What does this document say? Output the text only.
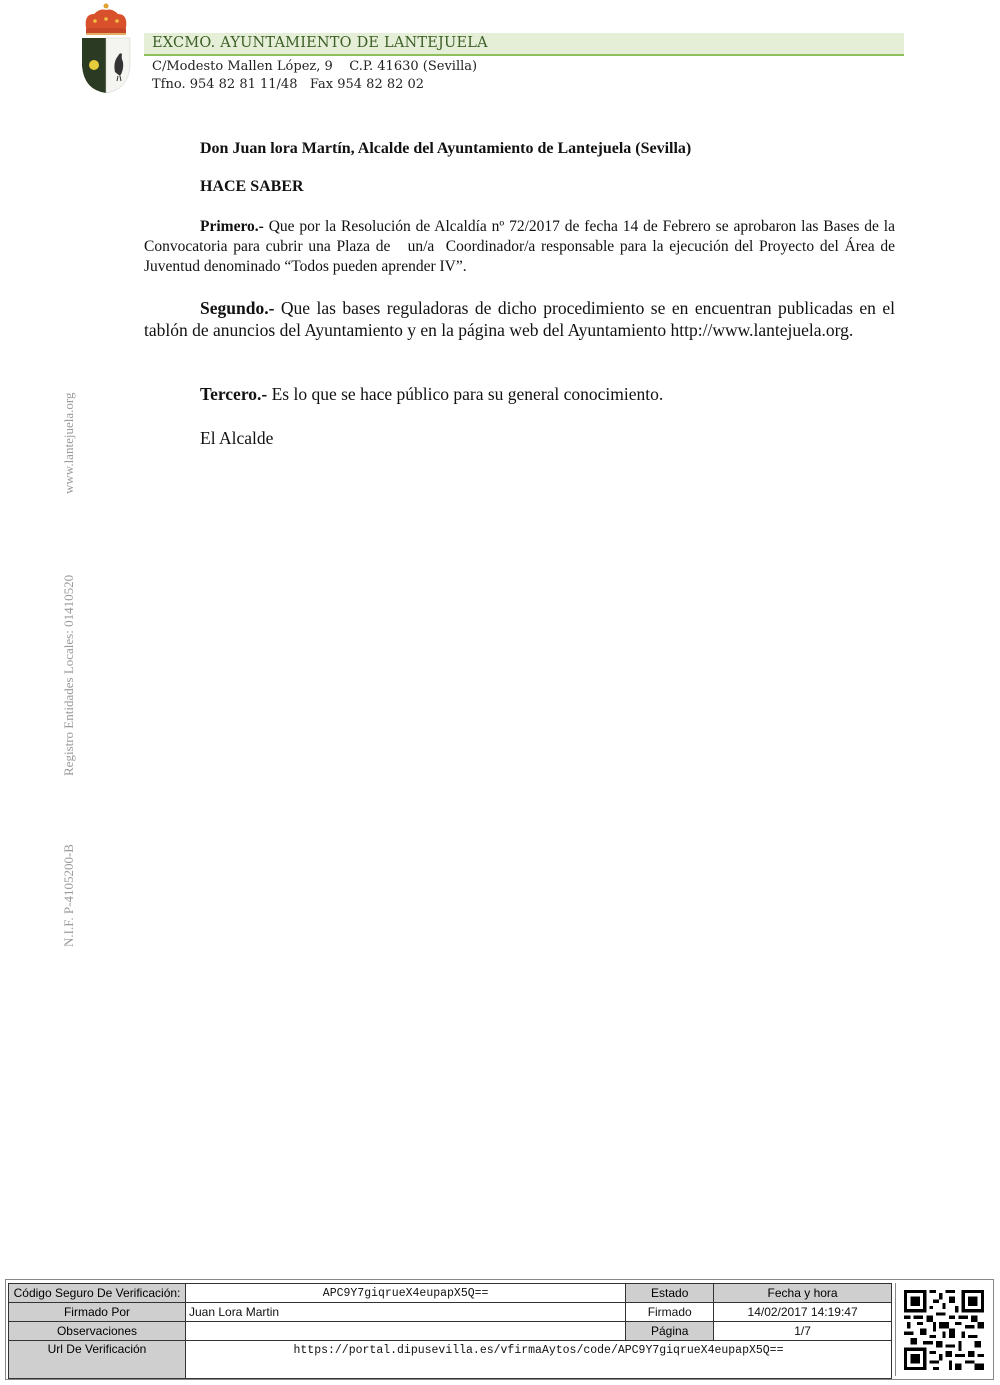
EXCMO. AYUNTAMIENTO DE LANTEJUELA
C/Modesto Mallen López, 9    C.P. 41630 (Sevilla)
Tfno. 954 82 81 11/48   Fax 954 82 82 02
www.lantejuela.org
Registro Entidades Locales: 01410520
N.I.F. P-4105200-B
Don Juan lora Martín, Alcalde del Ayuntamiento de Lantejuela (Sevilla)
HACE SABER
Primero.- Que por la Resolución de Alcaldía nº 72/2017 de fecha 14 de Febrero se aprobaron las Bases de la Convocatoria para cubrir una Plaza de   un/a  Coordinador/a responsable para la ejecución del Proyecto del Área de Juventud denominado “Todos pueden aprender IV”.
Segundo.- Que las bases reguladoras de dicho procedimiento se en encuentran publicadas en el tablón de anuncios del Ayuntamiento y en la página web del Ayuntamiento http://www.lantejuela.org.
Tercero.- Es lo que se hace público para su general conocimiento.
El Alcalde
Código Seguro De Verificación:	APC9Y7giqrueX4eupapX5Q==	Estado	Fecha y hora
Firmado Por	Juan Lora Martin	Firmado	14/02/2017 14:19:47
Observaciones		Página	1/7
Url De Verificación	https://portal.dipusevilla.es/vfirmaAytos/code/APC9Y7giqrueX4eupapX5Q==		
